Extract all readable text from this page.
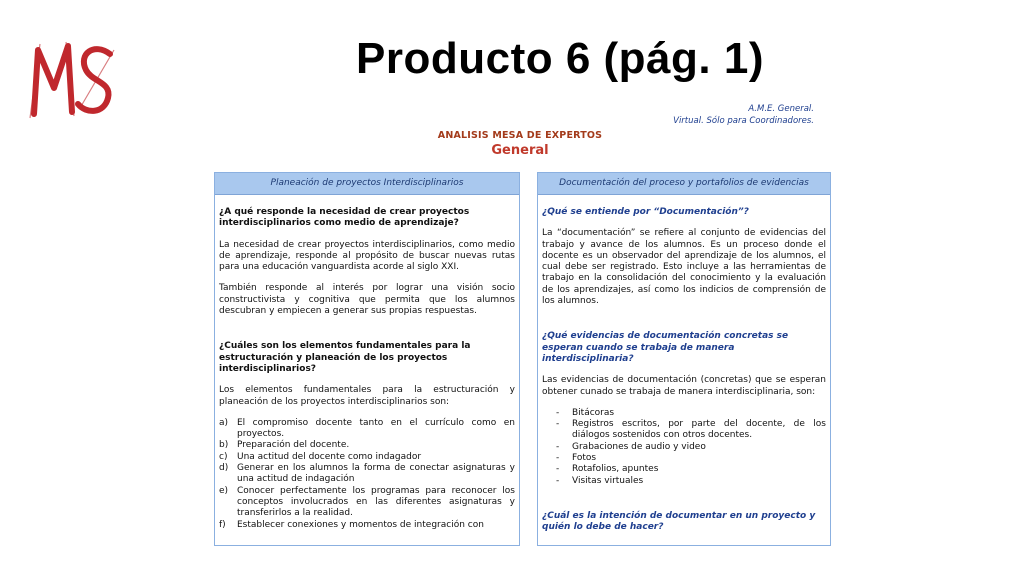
Producto 6 (pág. 1)
A.M.E. General.
Virtual. Sólo para Coordinadores.
ANALISIS MESA DE EXPERTOS
General
Planeación de proyectos Interdisciplinarios

¿A qué responde la necesidad de crear proyectos interdisciplinarios como medio de aprendizaje?

La necesidad de crear proyectos interdisciplinarios, como medio de aprendizaje, responde al propósito de buscar nuevas rutas para una educación vanguardista acorde al siglo XXI.

También responde al interés por lograr una visión socio constructivista y cognitiva que permita que los alumnos descubran y empiecen a generar sus propias respuestas.

¿Cuáles son los elementos fundamentales para la estructuración y planeación de los proyectos interdisciplinarios?

Los elementos fundamentales para la estructuración y planeación de los proyectos interdisciplinarios son:

a) El compromiso docente tanto en el currículo como en proyectos.
b) Preparación del docente.
c)	Una actitud del docente como indagador
d) Generar en los alumnos la forma de conectar asignaturas y una actitud de indagación
e) Conocer perfectamente los programas para reconocer los conceptos involucrados en las diferentes asignaturas y transferirlos a la realidad.
f)	Establecer conexiones y momentos de integración con
Documentación del proceso y portafolios de evidencias

¿Qué se entiende por “Documentación”?

La “documentación” se refiere al conjunto de evidencias del trabajo y avance de los alumnos. Es un proceso donde el docente es un observador del aprendizaje de los alumnos, el cual debe ser registrado. Esto incluye a las herramientas de trabajo en la consolidación del conocimiento y la evaluación de los aprendizajes, así como los indicios de comprensión de los alumnos.

¿Qué evidencias de documentación concretas se esperan cuando se trabaja de manera interdisciplinaria?

Las evidencias de documentación (concretas) que se esperan obtener cunado se trabaja de manera interdisciplinaria, son:

-	Bitácoras
-	Registros escritos, por parte del docente, de los diálogos sostenidos con otros docentes.
-	Grabaciones de audio y video
-	Fotos
-	Rotafolios, apuntes
-	Visitas virtuales

¿Cuál es la intención de documentar en un proyecto y quién lo debe de hacer?
